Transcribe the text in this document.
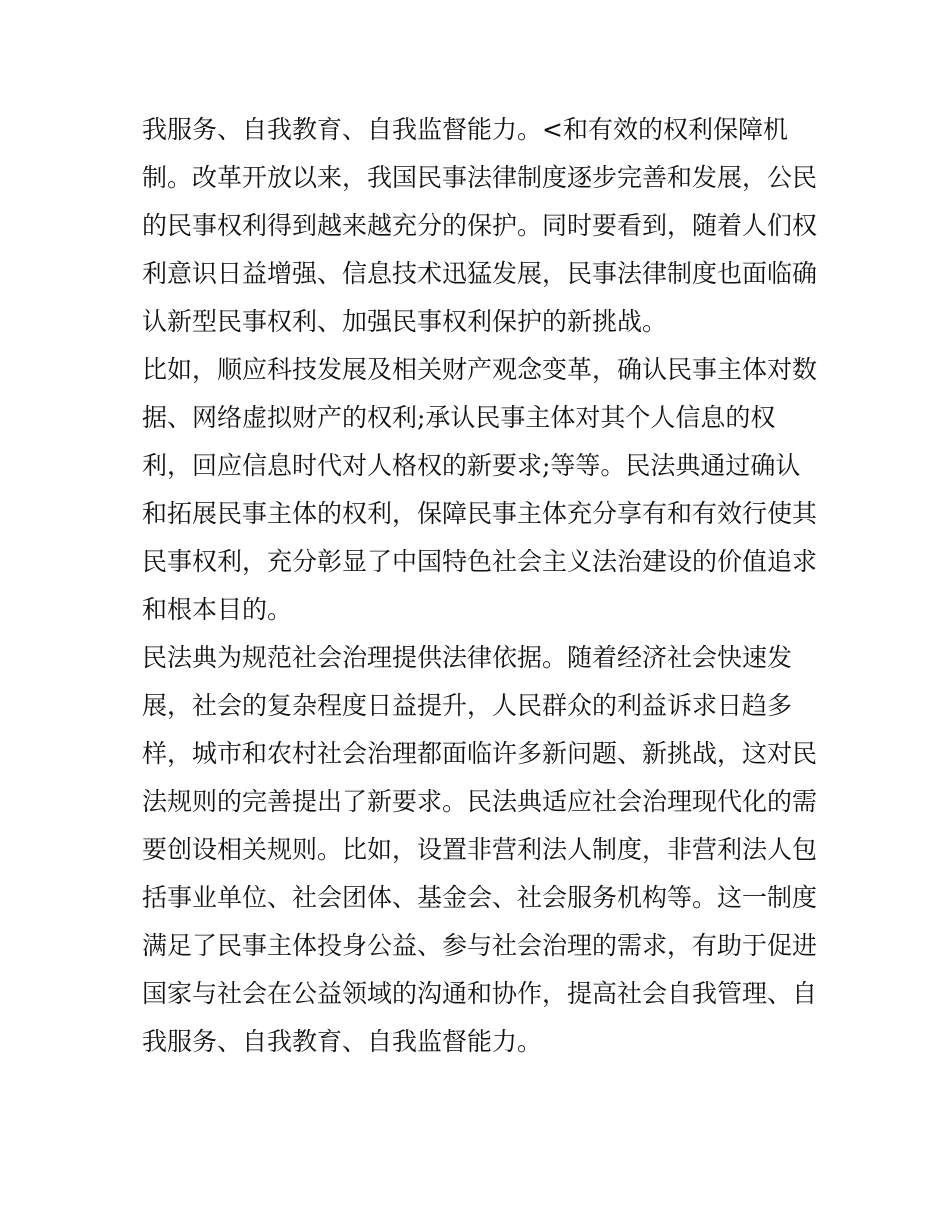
我服务、自我教育、自我监督能力。<和有效的权利保障机
制。改革开放以来，我国民事法律制度逐步完善和发展，公民
的民事权利得到越来越充分的保护。同时要看到，随着人们权
利意识日益增强、信息技术迅猛发展，民事法律制度也面临确
认新型民事权利、加强民事权利保护的新挑战。
比如，顺应科技发展及相关财产观念变革，确认民事主体对数
据、网络虚拟财产的权利;承认民事主体对其个人信息的权
利，回应信息时代对人格权的新要求;等等。民法典通过确认
和拓展民事主体的权利，保障民事主体充分享有和有效行使其
民事权利，充分彰显了中国特色社会主义法治建设的价值追求
和根本目的。
民法典为规范社会治理提供法律依据。随着经济社会快速发
展，社会的复杂程度日益提升，人民群众的利益诉求日趋多
样，城市和农村社会治理都面临许多新问题、新挑战，这对民
法规则的完善提出了新要求。民法典适应社会治理现代化的需
要创设相关规则。比如，设置非营利法人制度，非营利法人包
括事业单位、社会团体、基金会、社会服务机构等。这一制度
满足了民事主体投身公益、参与社会治理的需求，有助于促进
国家与社会在公益领域的沟通和协作，提高社会自我管理、自
我服务、自我教育、自我监督能力。
